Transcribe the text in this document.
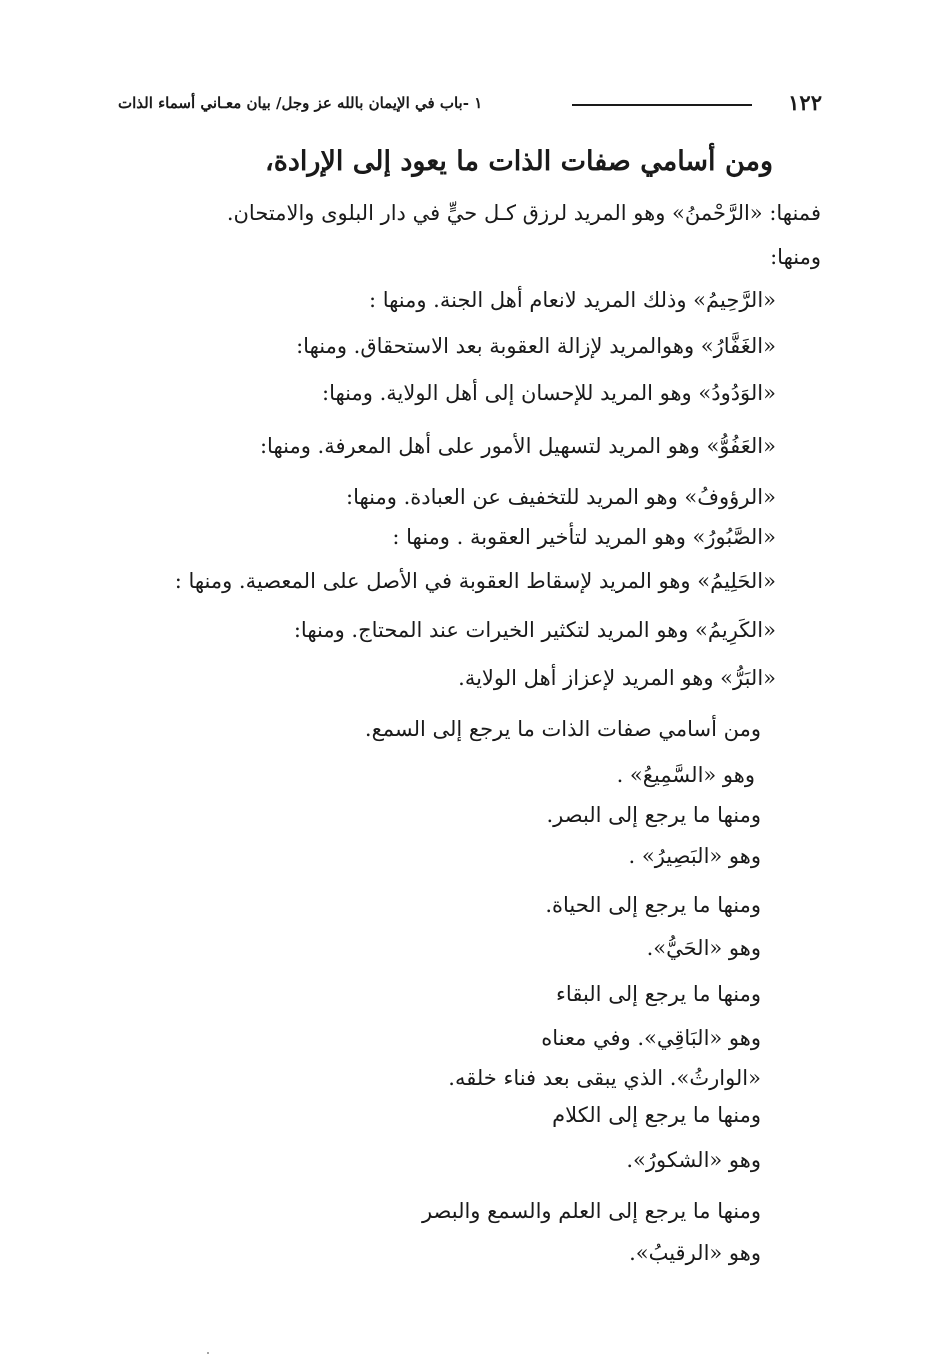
١٢٢
١ -باب في الإيمان بالله عز وجل/ بيان معـاني أسماء الذات
ومن أسامي صفات الذات ما يعود إلى الإرادة،
فمنها: «الرَّحْمنُ» وهو المريد لرزق كـل حيٍّ في دار البلوى والامتحان.
ومنها:
«الرَّحِيمُ» وذلك المريد لانعام أهل الجنة. ومنها :
«الغَفَّارُ» وهوالمريد لإزالة العقوبة بعد الاستحقاق. ومنها:
«الوَدُودُ» وهو المريد للإحسان إلى أهل الولاية. ومنها:
«العَفُوُّ» وهو المريد لتسهيل الأمور على أهل المعرفة. ومنها:
«الرؤوفُ» وهو المريد للتخفيف عن العبادة. ومنها:
«الصَّبُورُ» وهو المريد لتأخير العقوبة . ومنها :
«الحَلِيمُ» وهو المريد لإسقاط العقوبة في الأصل على المعصية. ومنها :
«الكَرِيمُ» وهو المريد لتكثير الخيرات عند المحتاج. ومنها:
«البَرُّ» وهو المريد لإعزاز أهل الولاية.
ومن أسامي صفات الذات ما يرجع إلى السمع.
وهو «السَّمِيعُ» .
ومنها ما يرجع إلى البصر.
وهو «البَصِيرُ» .
ومنها ما يرجع إلى الحياة.
وهو «الحَيُّ».
ومنها ما يرجع إلى البقاء
وهو «البَاقِي». وفي معناه
«الوارثُ». الذي يبقى بعد فناء خلقه.
ومنها ما يرجع إلى الكلام
وهو «الشكورُ».
ومنها ما يرجع إلى العلم والسمع والبصر
وهو «الرقيبُ».
